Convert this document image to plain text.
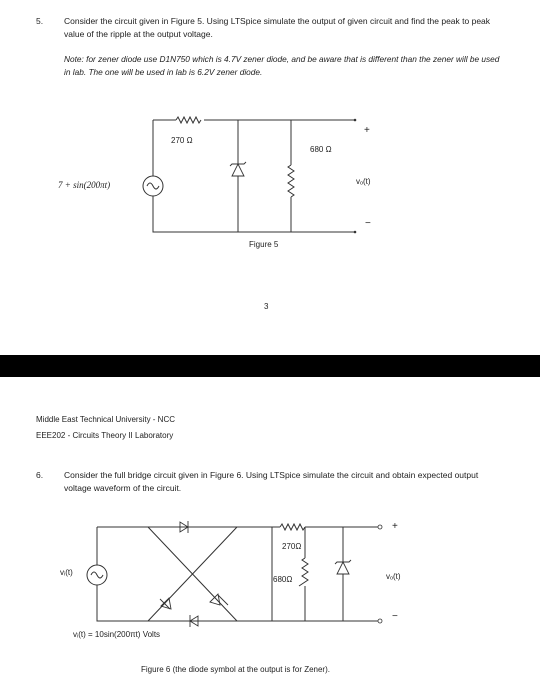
5. Consider the circuit given in Figure 5. Using LTSpice simulate the output of given circuit and find the peak to peak value of the ripple at the output voltage.
Note: for zener diode use D1N750 which is 4.7V zener diode, and be aware that is different than the zener will be used in lab. The one will be used in lab is 6.2V zener diode.
270 Ω
680 Ω
7 + sin(200πt)
+
vₒ(t)
−
Figure 5
3
Middle East Technical University - NCC
EEE202 - Circuits Theory II Laboratory
6. Consider the full bridge circuit given in Figure 6. Using LTSpice simulate the circuit and obtain expected output voltage waveform of the circuit.
270Ω
680Ω
vᵢ(t)
+
vₒ(t)
−
vᵢ(t) = 10sin(200πt) Volts
Figure 6 (the diode symbol at the output is for Zener).
